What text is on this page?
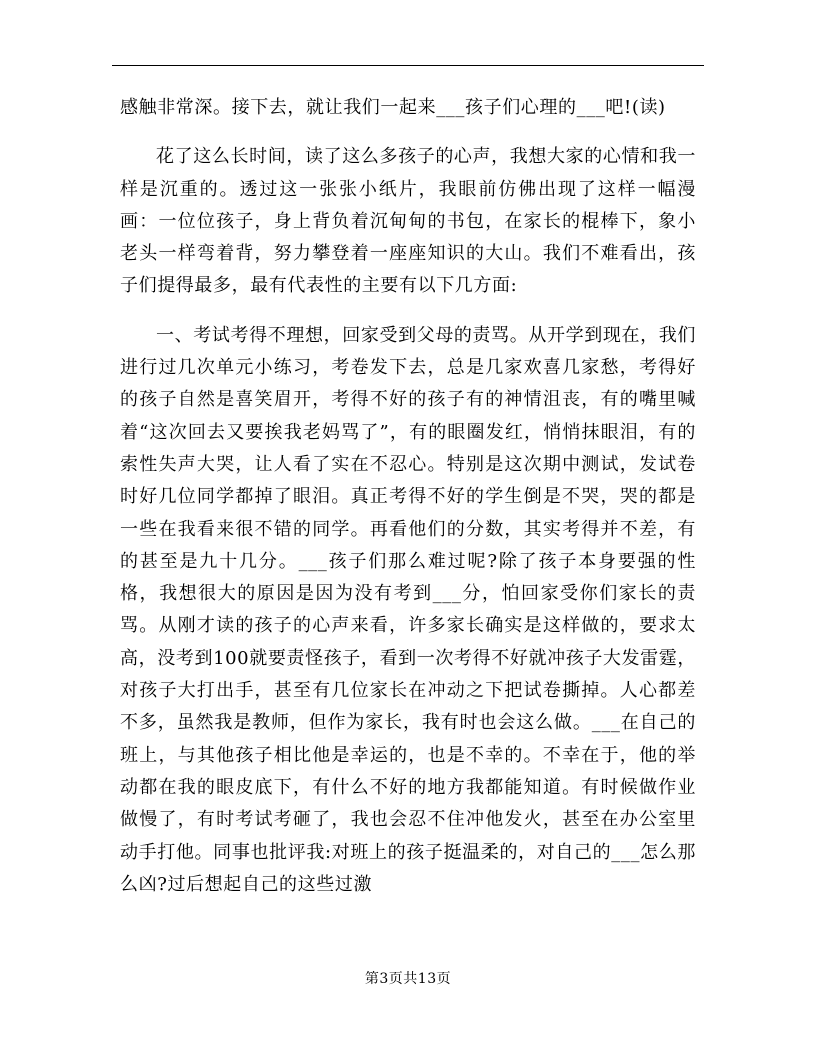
感触非常深。接下去，就让我们一起来___孩子们心理的___吧!(读)

花了这么长时间，读了这么多孩子的心声，我想大家的心情和我一样是沉重的。透过这一张张小纸片，我眼前仿佛出现了这样一幅漫画：一位位孩子，身上背负着沉甸甸的书包，在家长的棍棒下，象小老头一样弯着背，努力攀登着一座座知识的大山。我们不难看出，孩子们提得最多，最有代表性的主要有以下几方面:

一、考试考得不理想，回家受到父母的责骂。从开学到现在，我们进行过几次单元小练习，考卷发下去，总是几家欢喜几家愁，考得好的孩子自然是喜笑眉开，考得不好的孩子有的神情沮丧，有的嘴里喊着“这次回去又要挨我老妈骂了”，有的眼圈发红，悄悄抹眼泪，有的索性失声大哭，让人看了实在不忍心。特别是这次期中测试，发试卷时好几位同学都掉了眼泪。真正考得不好的学生倒是不哭，哭的都是一些在我看来很不错的同学。再看他们的分数，其实考得并不差，有的甚至是九十几分。___孩子们那么难过呢?除了孩子本身要强的性格，我想很大的原因是因为没有考到___分，怕回家受你们家长的责骂。从刚才读的孩子的心声来看，许多家长确实是这样做的，要求太高，没考到100就要责怪孩子，看到一次考得不好就冲孩子大发雷霆，对孩子大打出手，甚至有几位家长在冲动之下把试卷撕掉。人心都差不多，虽然我是教师，但作为家长，我有时也会这么做。___在自己的班上，与其他孩子相比他是幸运的，也是不幸的。不幸在于，他的举动都在我的眼皮底下，有什么不好的地方我都能知道。有时候做作业做慢了，有时考试考砸了，我也会忍不住冲他发火，甚至在办公室里动手打他。同事也批评我:对班上的孩子挺温柔的，对自己的___怎么那么凶?过后想起自己的这些过激

第3页共13页
